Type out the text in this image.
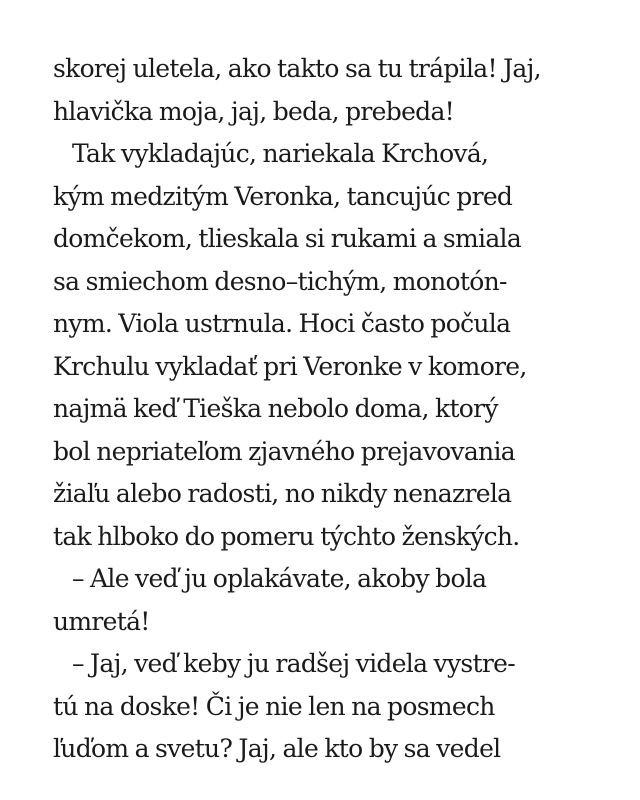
skorej uletela, ako takto sa tu trápila! Jaj,
hlavička moja, jaj, beda, prebeda!
Tak vykladajúc, nariekala Krchová,
kým medzitým Veronka, tancujúc pred
domčekom, tlieskala si rukami a smiala
sa smiechom desno–tichým, monotón-
nym. Viola ustrnula. Hoci často počula
Krchulu vykladať pri Veronke v komore,
najmä keď Tieška nebolo doma, ktorý
bol nepriateľom zjavného prejavovania
žiaľu alebo radosti, no nikdy nenazrela
tak hlboko do pomeru týchto ženských.
– Ale veď ju oplakávate, akoby bola
umretá!
– Jaj, veď keby ju radšej videla vystre-
tú na doske! Či je nie len na posmech
ľuďom a svetu? Jaj, ale kto by sa vedel
